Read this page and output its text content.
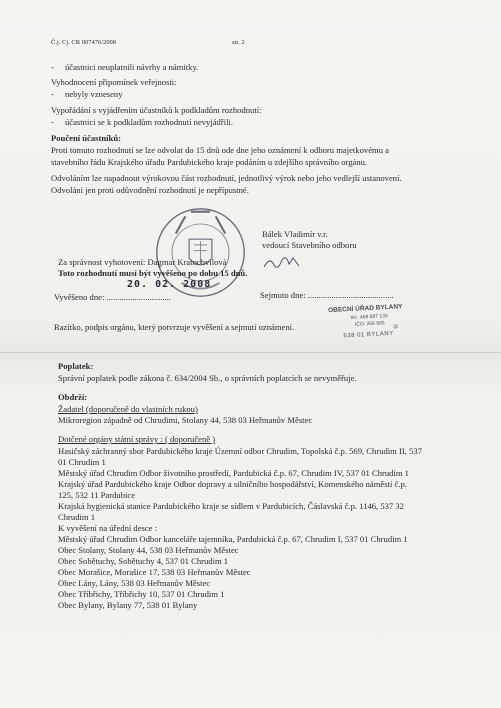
Č.j. Cj. CR 007476/2008	str. 2
- účastnici neuplatnili návrhy a námitky.
Vyhodnocení připomínek veřejnosti:
- nebyly vzneseny
Vypořádání s vyjádřením účastníků k podkladům rozhodnutí:
- účastnici se k podkladům rozhodnutí nevyjádřili.
Poučení účastníků:
Proti tomuto rozhodnutí se lze odvolat do 15 dnů ode dne jeho oznámení k odboru majetkovému a
stavebního řádu Krajského úřadu Pardubického kraje podáním u zdejšího správního orgánu.
Odvoláním lze napadnout výrokovou část rozhodnutí, jednotlivý výrok nebo jeho vedlejší ustanovení.
Odvolání jen proti odůvodnění rozhodnutí je nepřípustné.
Bálek Vladimír v.r.
vedoucí Stavebního odboru
Za správnost vyhotovení: Dagmar Kratochvilová
Toto rozhodnutí musí být vyvěšeno po dobu 15 dnů.
20. 02. 2008
Vyvěšeno dne: ..............................	Sejmuto dne: ........................................
Razítko, podpis orgánu, který potvrzuje vyvěšení a sejmutí oznámení.
OBECNÍ ÚŘAD BYLANY
tel.: 469 687 133
IČO: 269 905 ②
538 01 BYLANY
Poplatek:
Správní poplatek podle zákona č. 634/2004 Sb., o správních poplatcích se nevyměřuje.
Obdrží:
Žadatel (doporučeně do vlastních rukou)
Mikroregion západně od Chrudimi, Stolany 44, 538 03 Heřmanův Městec
Dotčené orgány státní správy : ( doporučeně )
Hasičský záchranný sbor Pardubického kraje Územní odbor Chrudim, Topolská č.p. 569, Chrudim II, 537
01 Chrudim 1
Městský úřad Chrudim Odbor životního prostředí, Pardubická č.p. 67, Chrudim IV, 537 01 Chrudim 1
Krajský úřad Pardubického kraje Odbor dopravy a silničního hospodářství, Komenského náměstí č.p.
125, 532 11 Pardubice
Krajská hygienická stanice Pardubického kraje se sídlem v Pardubicích, Čáslavská č.p. 1146, 537 32
Chrudim 1
K vyvěšení na úřední desce :
Městský úřad Chrudim Odbor kanceláře tajemníka, Pardubická č.p. 67, Chrudim I, 537 01 Chrudim 1
Obec Stolany, Stolany 44, 538 03 Heřmanův Městec
Obec Sobětuchy, Sobětuchy 4, 537 01 Chrudim 1
Obec Morašice, Morašice 17, 538 03 Heřmanův Městec
Obec Lány, Lány, 538 03 Heřmanův Městec
Obec Tříbřichy, Tříbřichy 10, 537 01 Chrudim 1
Obec Bylany, Bylany 77, 538 01 Bylany
